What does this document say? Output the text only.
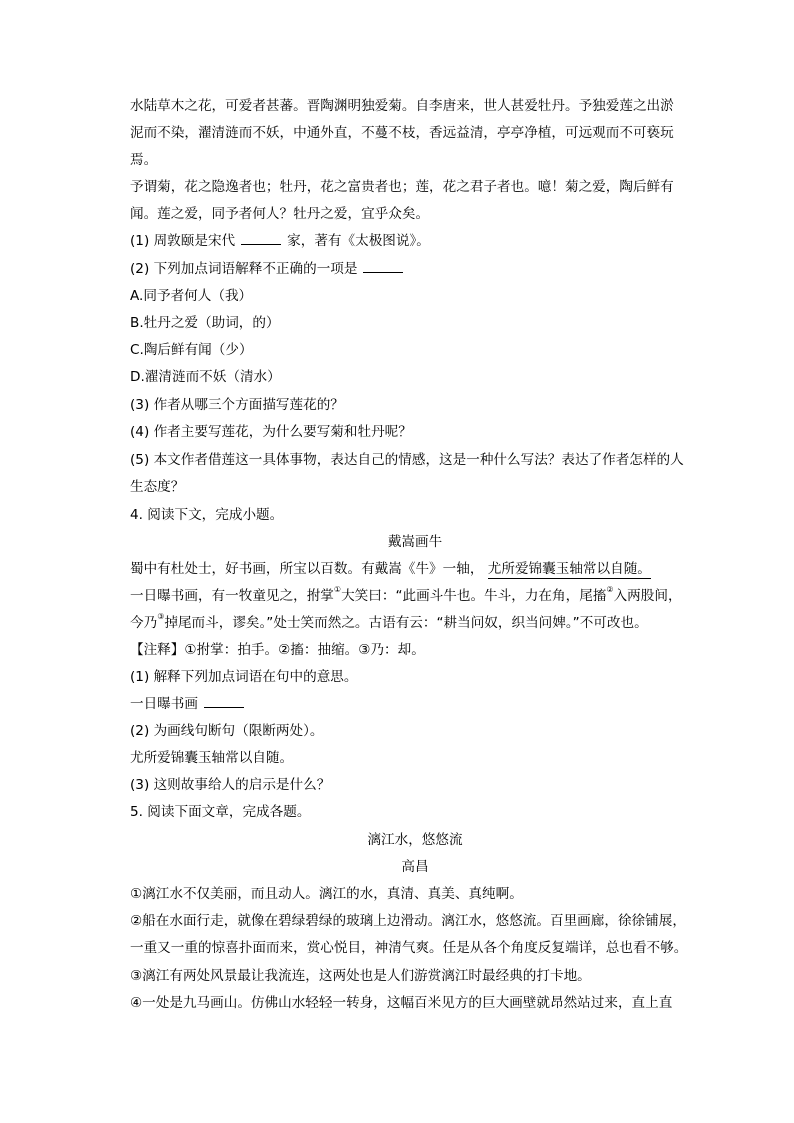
水陆草木之花，可爱者甚蕃。晋陶渊明独爱菊。自李唐来，世人甚爱牡丹。予独爱莲之出淤
泥而不染，濯清涟而不妖，中通外直，不蔓不枝，香远益清，亭亭净植，可远观而不可亵玩
焉。
予谓菊，花之隐逸者也；牡丹，花之富贵者也；莲，花之君子者也。噫！菊之爱，陶后鲜有
闻。莲之爱，同予者何人？牡丹之爱，宜乎众矣。
(1) 周敦颐是宋代	家，著有《太极图说》。
(2) 下列加点词语解释不正确的一项是
A.同予者何人（我）
B.牡丹之爱（助词，的）
C.陶后鲜有闻（少）
D.濯清涟而不妖（清水）
(3) 作者从哪三个方面描写莲花的？
(4) 作者主要写莲花，为什么要写菊和牡丹呢？
(5) 本文作者借莲这一具体事物，表达自己的情感，这是一种什么写法？表达了作者怎样的人
生态度？
4. 阅读下文，完成小题。
戴嵩画牛
蜀中有杜处士，好书画，所宝以百数。有戴嵩《牛》一轴， 尤所爱锦囊玉轴常以自随。
一日曝书画，有一牧童见之，拊掌①大笑曰：“此画斗牛也。牛斗，力在角，尾搐②入两股间，
今乃③掉尾而斗，谬矣。”处士笑而然之。古语有云：“耕当问奴，织当问婢。”不可改也。
【注释】①拊掌：拍手。②搐：抽缩。③乃：却。
(1) 解释下列加点词语在句中的意思。
一日曝书画
(2) 为画线句断句（限断两处）。
尤所爱锦囊玉轴常以自随。
(3) 这则故事给人的启示是什么？
5. 阅读下面文章，完成各题。
漓江水，悠悠流
高昌
①漓江水不仅美丽，而且动人。漓江的水，真清、真美、真纯啊。
②船在水面行走，就像在碧绿碧绿的玻璃上边滑动。漓江水，悠悠流。百里画廊，徐徐铺展，
一重又一重的惊喜扑面而来，赏心悦目，神清气爽。任是从各个角度反复端详，总也看不够。
③漓江有两处风景最让我流连，这两处也是人们游赏漓江时最经典的打卡地。
④一处是九马画山。仿佛山水轻轻一转身，这幅百米见方的巨大画壁就昂然站过来，直上直
